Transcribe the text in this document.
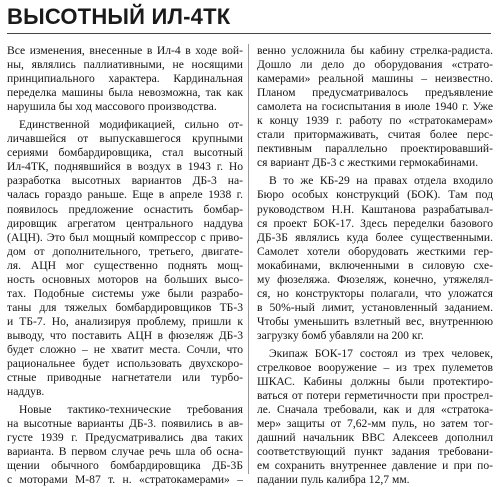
ВЫСОТНЫЙ ИЛ-4ТК
Все изменения, внесенные в Ил-4 в ходе вой-
ны, являлись паллиативными, не носящими
принципиального характера. Кардинальная
переделка машины была невозможна, так как
нарушила бы ход массового производства.
Единственной модификацией, сильно от-
личавшейся от выпускавшегося крупными
сериями бомбардировщика, стал высотный
Ил-4ТК, поднявшийся в воздух в 1943 г. Но
разработка высотных вариантов ДБ-3 на-
чалась гораздо раньше. Еще в апреле 1938 г.
появилось предложение оснастить бомбар-
дировщик агрегатом центрального наддува
(АЦН). Это был мощный компрессор с приво-
дом от дополнительного, третьего, двигате-
ля. АЦН мог существенно поднять мощ-
ность основных моторов на больших высо-
тах. Подобные системы уже были разрабо-
таны для тяжелых бомбардировщиков ТБ-3
и ТБ-7. Но, анализируя проблему, пришли к
выводу, что поставить АЦН в фюзеляж ДБ-3
будет сложно – не хватит места. Сочли, что
рациональнее будет использовать двухскоро-
стные приводные нагнетатели или турбо-
наддув.
Новые тактико-технические требования
на высотные варианты ДБ-3. появились в ав-
густе 1939 г. Предусматривались два таких
варианта. В первом случае речь шла об осна-
щении обычного бомбардировщика ДБ-3Б
с моторами М-87 т. н. «стратокамерами» –
венно усложнила бы кабину стрелка-радиста.
Дошло ли дело до оборудования «страто-
камерами» реальной машины – неизвестно.
Планом предусматривалось предъявление
самолета на госиспытания в июле 1940 г. Уже
к концу 1939 г. работу по «стратокамерам»
стали притормаживать, считая более перс-
пективным параллельно проектировавший-
ся вариант ДБ-3 с жесткими гермокабинами.
В то же КБ-29 на правах отдела входило
Бюро особых конструкций (БОК). Там под
руководством Н.Н. Каштанова разрабатывал-
ся проект БОК-17. Здесь переделки базового
ДБ-3Б являлись куда более существенными.
Самолет хотели оборудовать жесткими гер-
мокабинами, включенными в силовую схе-
му фюзеляжа. Фюзеляж, конечно, утяжелял-
ся, но конструкторы полагали, что уложатся
в 50%-ный лимит, установленный заданием.
Чтобы уменьшить взлетный вес, внутреннюю
загрузку бомб убавляли на 200 кг.
Экипаж БОК-17 состоял из трех человек,
стрелковое вооружение – из трех пулеметов
ШКАС. Кабины должны были протектиро-
ваться от потери герметичности при прострел-
ле. Сначала требовали, как и для «стратока-
мер» защиты от 7,62-мм пуль, но затем тог-
дашний начальник ВВС Алексеев дополнил
соответствующий пункт задания требовани-
ем сохранить внутреннее давление и при по-
падании пуль калибра 12,7 мм.
